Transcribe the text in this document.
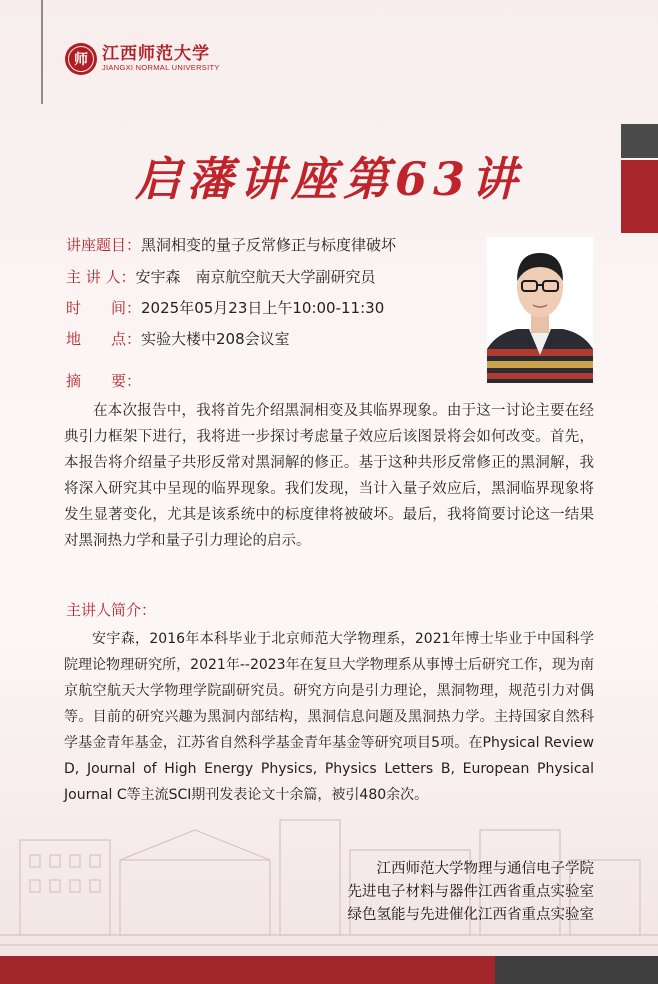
师 江西师范大学
JIANGXI NORMAL UNIVERSITY
启藩讲座第63讲
讲座题目： 黑洞相变的量子反常修正与标度律破坏
主 讲 人： 安宇森　南京航空航天大学副研究员
时　　间： 2025年05月23日上午10:00-11:30
地　　点： 实验大楼中208会议室
摘　　要：

在本次报告中，我将首先介绍黑洞相变及其临界现象。由于这一讨论主要在经典引力框架下进行，我将进一步探讨考虑量子效应后该图景将会如何改变。首先，本报告将介绍量子共形反常对黑洞解的修正。基于这种共形反常修正的黑洞解，我将深入研究其中呈现的临界现象。我们发现，当计入量子效应后，黑洞临界现象将发生显著变化，尤其是该系统中的标度律将被破坏。最后，我将简要讨论这一结果对黑洞热力学和量子引力理论的启示。

主讲人简介：

安宇森，2016年本科毕业于北京师范大学物理系，2021年博士毕业于中国科学院理论物理研究所，2021年--2023年在复旦大学物理系从事博士后研究工作，现为南京航空航天大学物理学院副研究员。研究方向是引力理论，黑洞物理，规范引力对偶等。目前的研究兴趣为黑洞内部结构，黑洞信息问题及黑洞热力学。主持国家自然科学基金青年基金，江苏省自然科学基金青年基金等研究项目5项。在Physical Review D, Journal of High Energy Physics, Physics Letters B, European Physical Journal C等主流SCI期刊发表论文十余篇，被引480余次。

江西师范大学物理与通信电子学院
先进电子材料与器件江西省重点实验室
绿色氢能与先进催化江西省重点实验室
